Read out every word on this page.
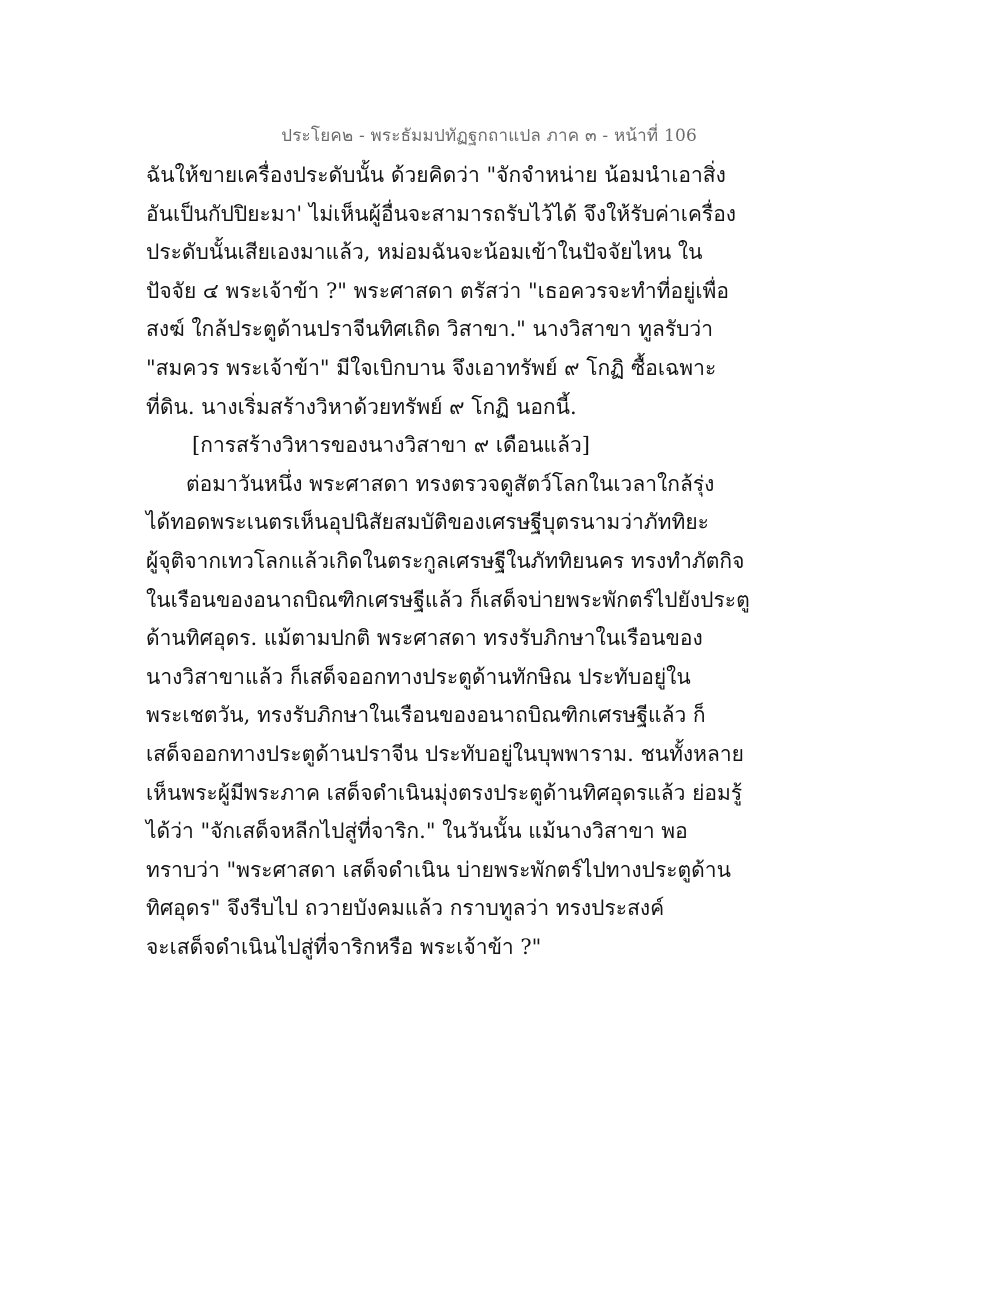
ประโยค๒ - พระธัมมปทัฏฐกถาแปล ภาค ๓ - หน้าที่ 106
ฉันให้ขายเครื่องประดับนั้น ด้วยคิดว่า "จักจำหน่าย น้อมนำเอาสิ่ง
อันเป็นกัปปิยะมา' ไม่เห็นผู้อื่นจะสามารถรับไว้ได้ จึงให้รับค่าเครื่อง
ประดับนั้นเสียเองมาแล้ว, หม่อมฉันจะน้อมเข้าในปัจจัยไหน ใน
ปัจจัย ๔ พระเจ้าข้า ?" พระศาสดา ตรัสว่า "เธอควรจะทำที่อยู่เพื่อ
สงฆ์ ใกล้ประตูด้านปราจีนทิศเถิด วิสาขา." นางวิสาขา ทูลรับว่า
"สมควร พระเจ้าข้า" มีใจเบิกบาน จึงเอาทรัพย์ ๙ โกฏิ ซื้อเฉพาะ
ที่ดิน. นางเริ่มสร้างวิหาด้วยทรัพย์ ๙ โกฏิ นอกนี้.
[การสร้างวิหารของนางวิสาขา ๙ เดือนแล้ว]
ต่อมาวันหนึ่ง พระศาสดา ทรงตรวจดูสัตว์โลกในเวลาใกล้รุ่ง
ได้ทอดพระเนตรเห็นอุปนิสัยสมบัติของเศรษฐีบุตรนามว่าภัททิยะ
ผู้จุติจากเทวโลกแล้วเกิดในตระกูลเศรษฐีในภัททิยนคร ทรงทำภัตกิจ
ในเรือนของอนาถบิณฑิกเศรษฐีแล้ว ก็เสด็จบ่ายพระพักตร์ไปยังประตู
ด้านทิศอุดร. แม้ตามปกติ พระศาสดา ทรงรับภิกษาในเรือนของ
นางวิสาขาแล้ว ก็เสด็จออกทางประตูด้านทักษิณ ประทับอยู่ใน
พระเชตวัน, ทรงรับภิกษาในเรือนของอนาถบิณฑิกเศรษฐีแล้ว ก็
เสด็จออกทางประตูด้านปราจีน ประทับอยู่ในบุพพาราม. ชนทั้งหลาย
เห็นพระผู้มีพระภาค เสด็จดำเนินมุ่งตรงประตูด้านทิศอุดรแล้ว ย่อมรู้
ได้ว่า "จักเสด็จหลีกไปสู่ที่จาริก." ในวันนั้น แม้นางวิสาขา พอ
ทราบว่า "พระศาสดา เสด็จดำเนิน บ่ายพระพักตร์ไปทางประตูด้าน
ทิศอุดร" จึงรีบไป ถวายบังคมแล้ว กราบทูลว่า ทรงประสงค์
จะเสด็จดำเนินไปสู่ที่จาริกหรือ พระเจ้าข้า ?"
